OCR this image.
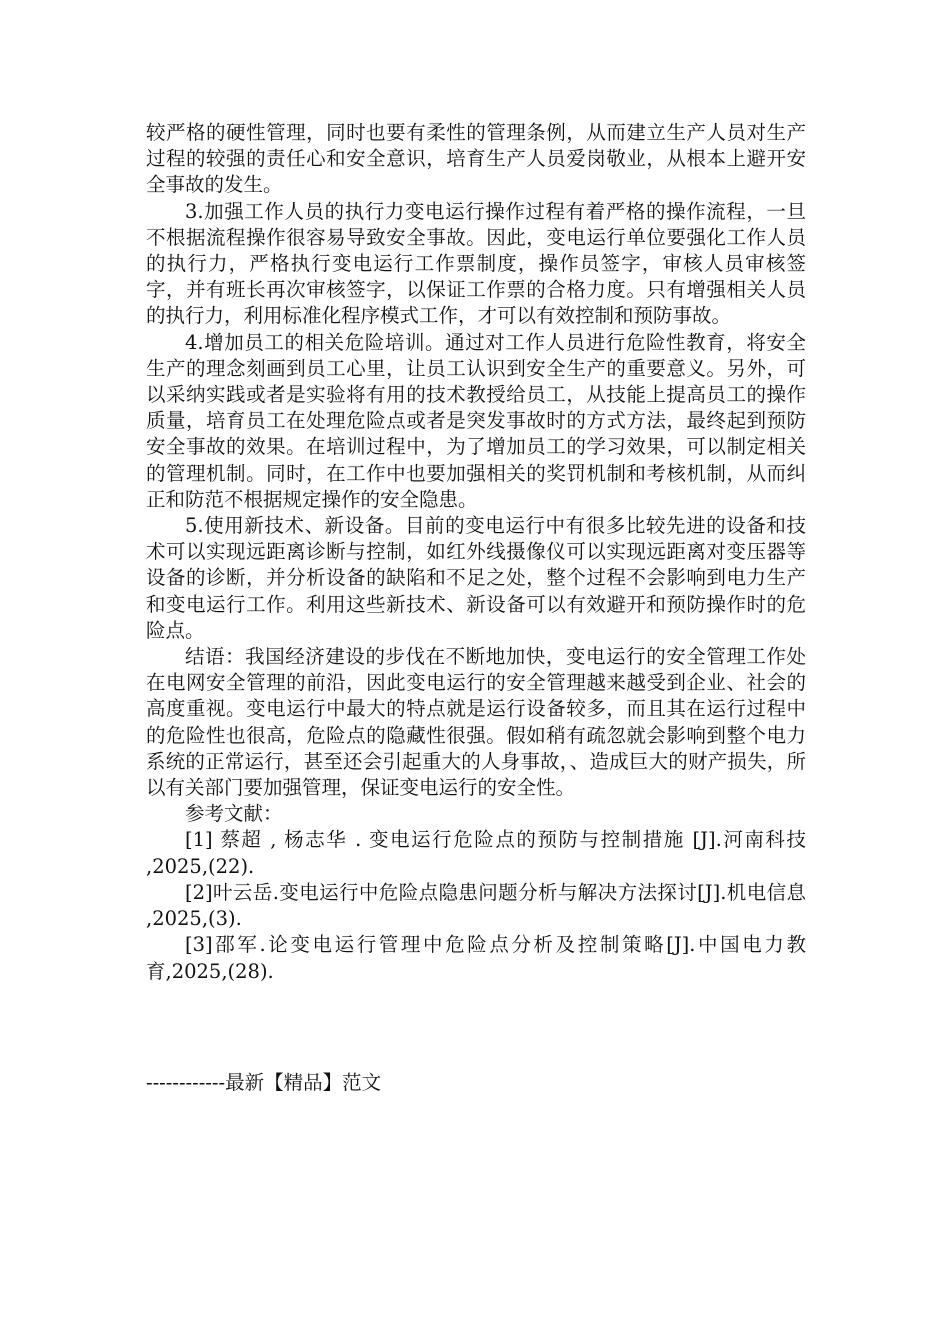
较严格的硬性管理，同时也要有柔性的管理条例，从而建立生产人员对生产过程的较强的责任心和安全意识，培育生产人员爱岗敬业，从根本上避开安全事故的发生。

3.加强工作人员的执行力变电运行操作过程有着严格的操作流程，一旦不根据流程操作很容易导致安全事故。因此，变电运行单位要强化工作人员的执行力，严格执行变电运行工作票制度，操作员签字，审核人员审核签字，并有班长再次审核签字，以保证工作票的合格力度。只有增强相关人员的执行力，利用标准化程序模式工作，才可以有效控制和预防事故。

4.增加员工的相关危险培训。通过对工作人员进行危险性教育，将安全生产的理念刻画到员工心里，让员工认识到安全生产的重要意义。另外，可以采纳实践或者是实验将有用的技术教授给员工，从技能上提高员工的操作质量，培育员工在处理危险点或者是突发事故时的方式方法，最终起到预防安全事故的效果。在培训过程中，为了增加员工的学习效果，可以制定相关的管理机制。同时，在工作中也要加强相关的奖罚机制和考核机制，从而纠正和防范不根据规定操作的安全隐患。

5.使用新技术、新设备。目前的变电运行中有很多比较先进的设备和技术可以实现远距离诊断与控制，如红外线摄像仪可以实现远距离对变压器等设备的诊断，并分析设备的缺陷和不足之处，整个过程不会影响到电力生产和变电运行工作。利用这些新技术、新设备可以有效避开和预防操作时的危险点。

结语：我国经济建设的步伐在不断地加快，变电运行的安全管理工作处在电网安全管理的前沿，因此变电运行的安全管理越来越受到企业、社会的高度重视。变电运行中最大的特点就是运行设备较多，而且其在运行过程中的危险性也很高，危险点的隐藏性很强。假如稍有疏忽就会影响到整个电力系统的正常运行，甚至还会引起重大的人身事故，、造成巨大的财产损失，所以有关部门要加强管理，保证变电运行的安全性。

参考文献：

[1] 蔡超 , 杨志华 . 变电运行危险点的预防与控制措施 [J].河南科技 ,2025,(22).

[2]叶云岳.变电运行中危险点隐患问题分析与解决方法探讨[J].机电信息 ,2025,(3).

[3]邵军.论变电运行管理中危险点分析及控制策略[J].中国电力教育,2025,(28).

------------最新【精品】范文
